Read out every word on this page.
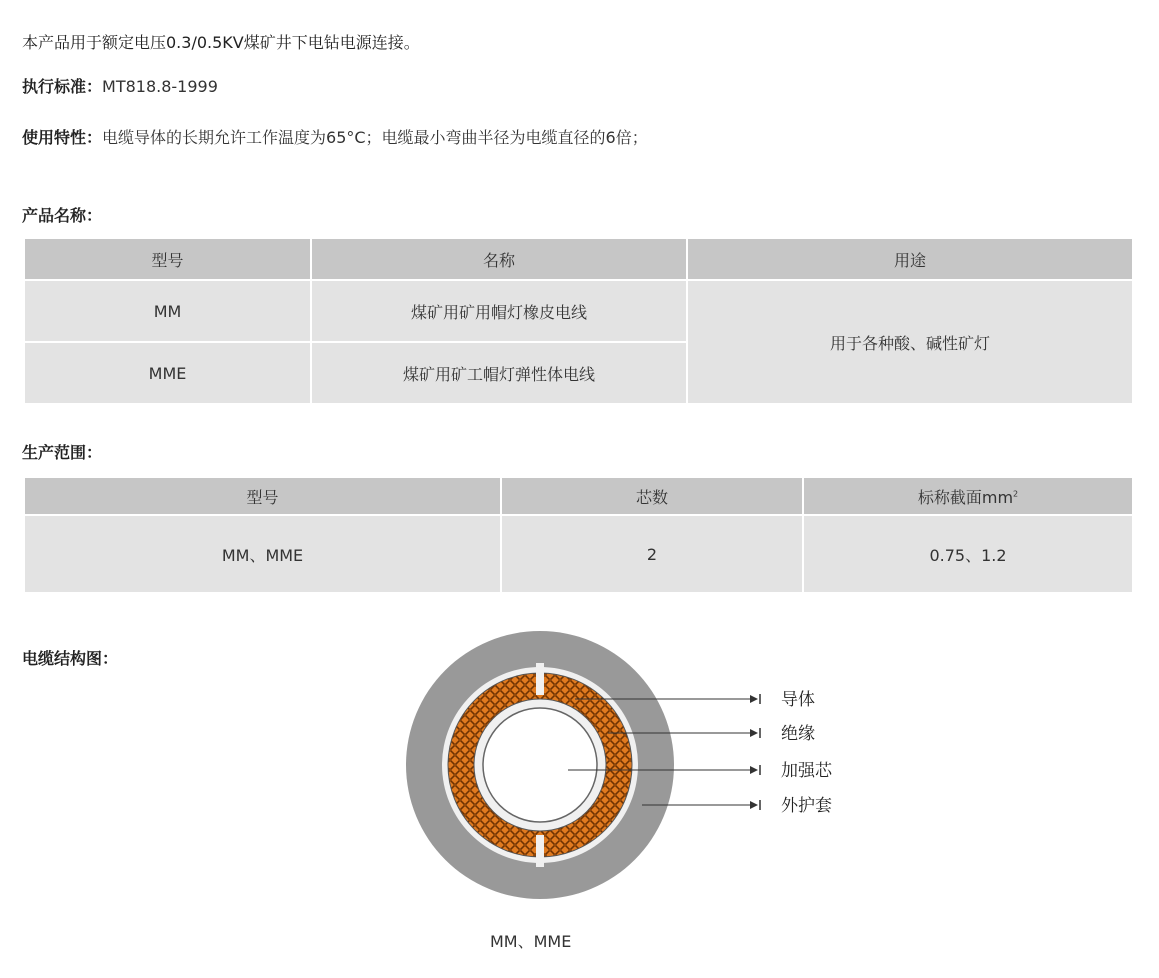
本产品用于额定电压0.3/0.5KV煤矿井下电钻电源连接。
执行标准：MT818.8-1999
使用特性：电缆导体的长期允许工作温度为65°C；电缆最小弯曲半径为电缆直径的6倍；
产品名称：
型号	名称	用途
MM	煤矿用矿用帽灯橡皮电线	用于各种酸、碱性矿灯
MME	煤矿用矿工帽灯弹性体电线	
生产范围：
型号	芯数	标称截面$mm^2$
MM、MME	2	0.75、1.2
电缆结构图：
导体
绝缘
加强芯
外护套
MM、MME
